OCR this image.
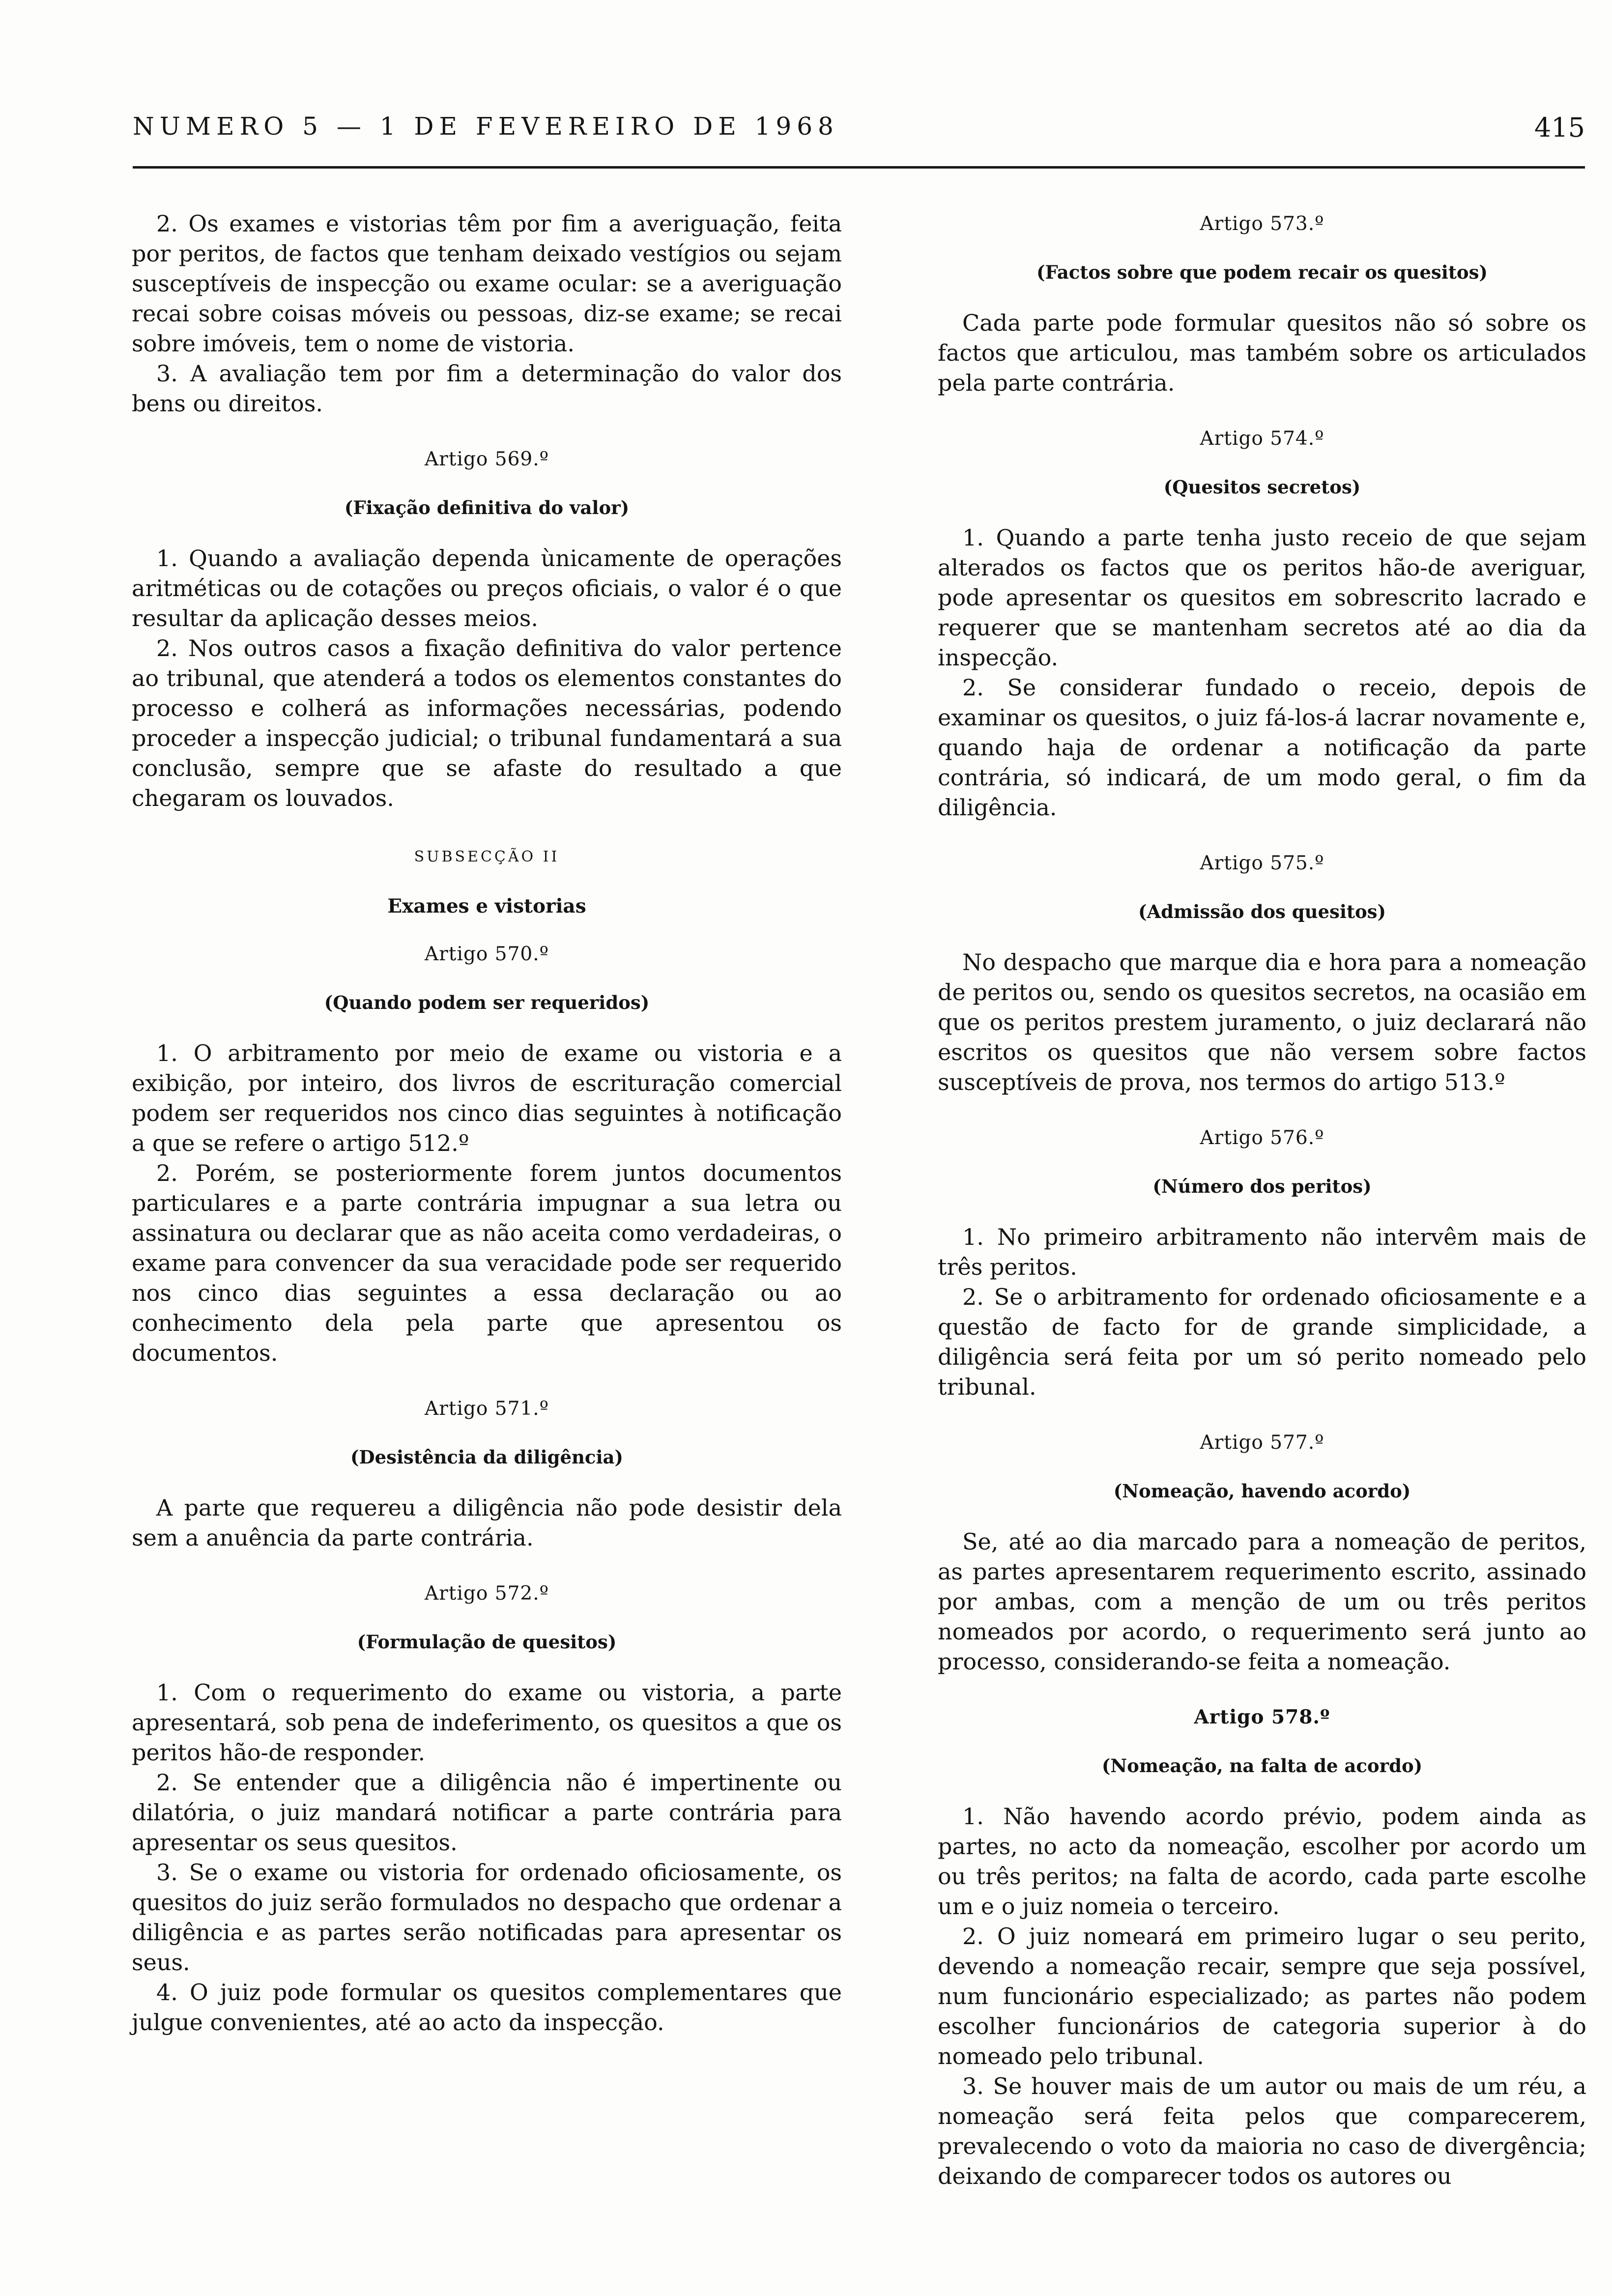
NUMERO 5 — 1 DE FEVEREIRO DE 1968	415

2. Os exames e vistorias têm por fim a averiguação, feita por peritos, de factos que tenham deixado vestígios ou sejam susceptíveis de inspecção ou exame ocular: se a averiguação recai sobre coisas móveis ou pessoas, diz-se exame; se recai sobre imóveis, tem o nome de vistoria.

3. A avaliação tem por fim a determinação do valor dos bens ou direitos.

Artigo 569.º
(Fixação definitiva do valor)

1. Quando a avaliação dependa ùnicamente de operações aritméticas ou de cotações ou preços oficiais, o valor é o que resultar da aplicação desses meios.

2. Nos outros casos a fixação definitiva do valor pertence ao tribunal, que atenderá a todos os elementos constantes do processo e colherá as informações necessárias, podendo proceder a inspecção judicial; o tribunal fundamentará a sua conclusão, sempre que se afaste do resultado a que chegaram os louvados.

SUBSECÇÃO II
Exames e vistorias
Artigo 570.º
(Quando podem ser requeridos)

1. O arbitramento por meio de exame ou vistoria e a exibição, por inteiro, dos livros de escrituração comercial podem ser requeridos nos cinco dias seguintes à notificação a que se refere o artigo 512.º

2. Porém, se posteriormente forem juntos documentos particulares e a parte contrária impugnar a sua letra ou assinatura ou declarar que as não aceita como verdadeiras, o exame para convencer da sua veracidade pode ser requerido nos cinco dias seguintes a essa declaração ou ao conhecimento dela pela parte que apresentou os documentos.

Artigo 571.º
(Desistência da diligência)

A parte que requereu a diligência não pode desistir dela sem a anuência da parte contrária.

Artigo 572.º
(Formulação de quesitos)

1. Com o requerimento do exame ou vistoria, a parte apresentará, sob pena de indeferimento, os quesitos a que os peritos hão-de responder.

2. Se entender que a diligência não é impertinente ou dilatória, o juiz mandará notificar a parte contrária para apresentar os seus quesitos.

3. Se o exame ou vistoria for ordenado oficiosamente, os quesitos do juiz serão formulados no despacho que ordenar a diligência e as partes serão notificadas para apresentar os seus.

4. O juiz pode formular os quesitos complementares que julgue convenientes, até ao acto da inspecção.

Artigo 573.º
(Factos sobre que podem recair os quesitos)

Cada parte pode formular quesitos não só sobre os factos que articulou, mas também sobre os articulados pela parte contrária.

Artigo 574.º
(Quesitos secretos)

1. Quando a parte tenha justo receio de que sejam alterados os factos que os peritos hão-de averiguar, pode apresentar os quesitos em sobrescrito lacrado e requerer que se mantenham secretos até ao dia da inspecção.

2. Se considerar fundado o receio, depois de examinar os quesitos, o juiz fá-los-á lacrar novamente e, quando haja de ordenar a notificação da parte contrária, só indicará, de um modo geral, o fim da diligência.

Artigo 575.º
(Admissão dos quesitos)

No despacho que marque dia e hora para a nomeação de peritos ou, sendo os quesitos secretos, na ocasião em que os peritos prestem juramento, o juiz declarará não escritos os quesitos que não versem sobre factos susceptíveis de prova, nos termos do artigo 513.º

Artigo 576.º
(Número dos peritos)

1. No primeiro arbitramento não intervêm mais de três peritos.

2. Se o arbitramento for ordenado oficiosamente e a questão de facto for de grande simplicidade, a diligência será feita por um só perito nomeado pelo tribunal.

Artigo 577.º
(Nomeação, havendo acordo)

Se, até ao dia marcado para a nomeação de peritos, as partes apresentarem requerimento escrito, assinado por ambas, com a menção de um ou três peritos nomeados por acordo, o requerimento será junto ao processo, considerando-se feita a nomeação.

Artigo 578.º
(Nomeação, na falta de acordo)

1. Não havendo acordo prévio, podem ainda as partes, no acto da nomeação, escolher por acordo um ou três peritos; na falta de acordo, cada parte escolhe um e o juiz nomeia o terceiro.

2. O juiz nomeará em primeiro lugar o seu perito, devendo a nomeação recair, sempre que seja possível, num funcionário especializado; as partes não podem escolher funcionários de categoria superior à do nomeado pelo tribunal.

3. Se houver mais de um autor ou mais de um réu, a nomeação será feita pelos que comparecerem, prevalecendo o voto da maioria no caso de divergência; deixando de comparecer todos os autores ou
